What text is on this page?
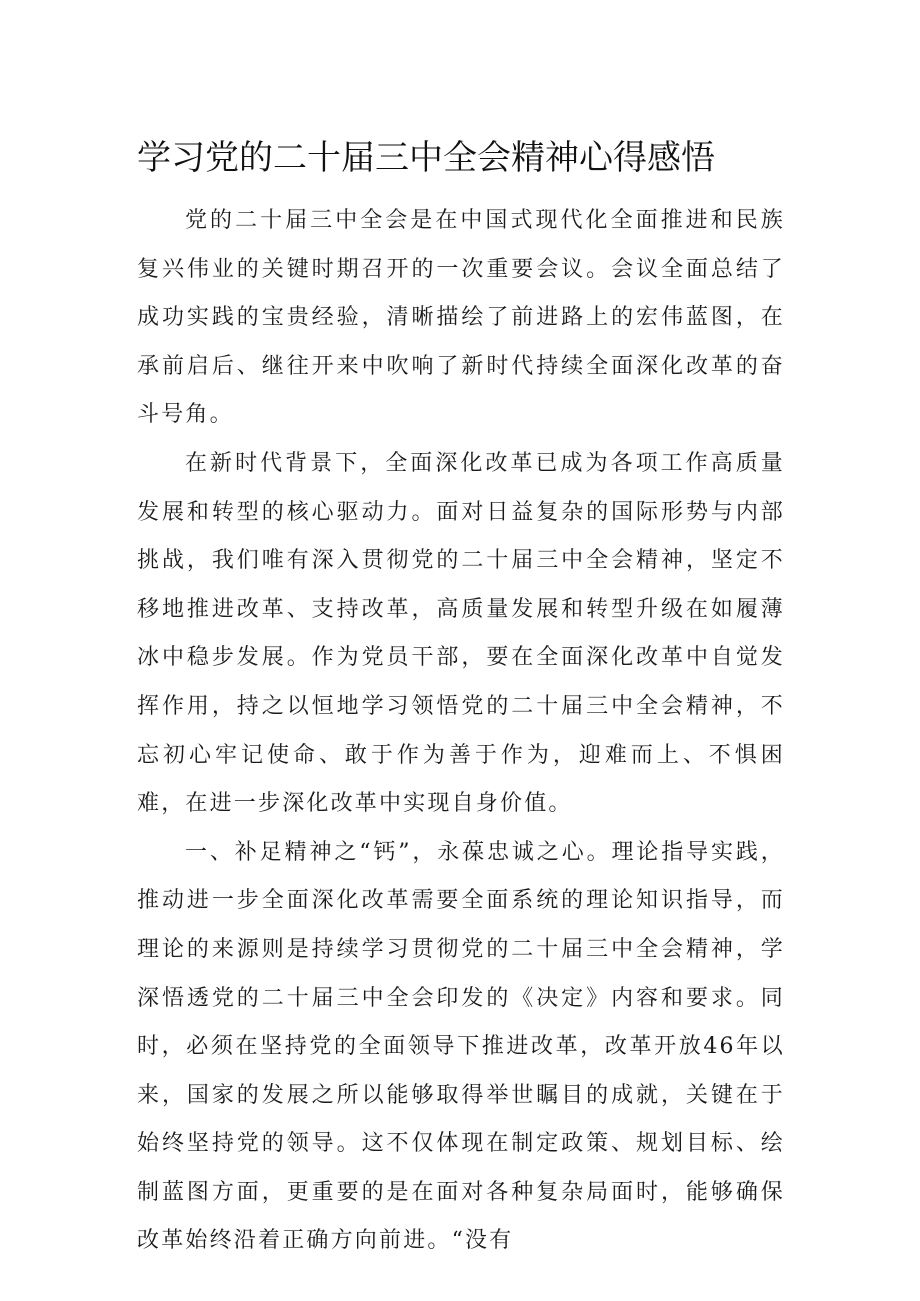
学习党的二十届三中全会精神心得感悟

党的二十届三中全会是在中国式现代化全面推进和民族复兴伟业的关键时期召开的一次重要会议。会议全面总结了成功实践的宝贵经验，清晰描绘了前进路上的宏伟蓝图，在承前启后、继往开来中吹响了新时代持续全面深化改革的奋斗号角。

在新时代背景下，全面深化改革已成为各项工作高质量发展和转型的核心驱动力。面对日益复杂的国际形势与内部挑战，我们唯有深入贯彻党的二十届三中全会精神，坚定不移地推进改革、支持改革，高质量发展和转型升级在如履薄冰中稳步发展。作为党员干部，要在全面深化改革中自觉发挥作用，持之以恒地学习领悟党的二十届三中全会精神，不忘初心牢记使命、敢于作为善于作为，迎难而上、不惧困难，在进一步深化改革中实现自身价值。

一、补足精神之“钙”，永葆忠诚之心。理论指导实践，推动进一步全面深化改革需要全面系统的理论知识指导，而理论的来源则是持续学习贯彻党的二十届三中全会精神，学深悟透党的二十届三中全会印发的《决定》内容和要求。同时，必须在坚持党的全面领导下推进改革，改革开放46年以来，国家的发展之所以能够取得举世瞩目的成就，关键在于始终坚持党的领导。这不仅体现在制定政策、规划目标、绘制蓝图方面，更重要的是在面对各种复杂局面时，能够确保改革始终沿着正确方向前进。“没有
